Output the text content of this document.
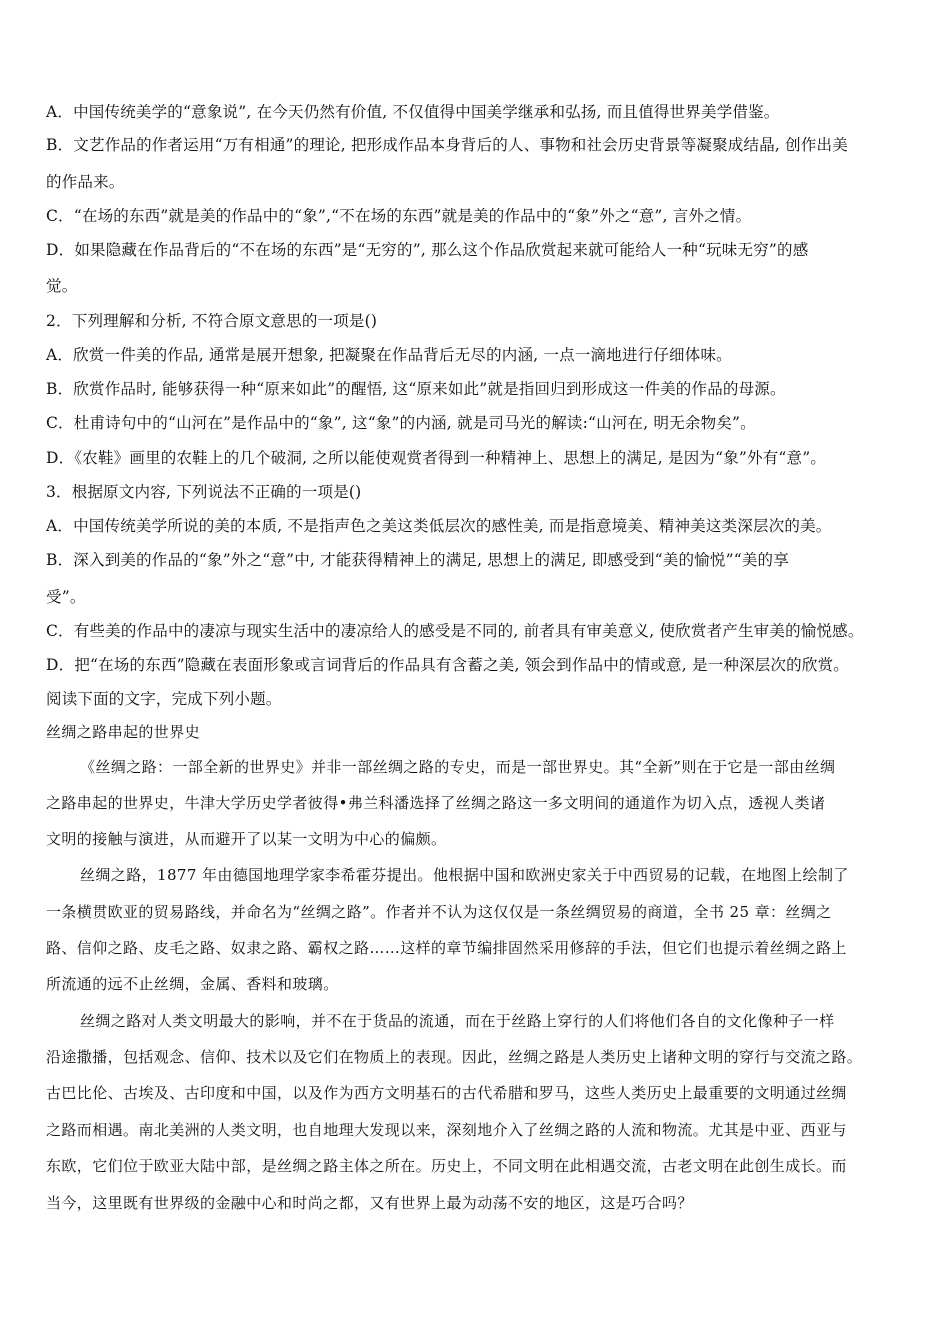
A．中国传统美学的“意象说”, 在今天仍然有价值, 不仅值得中国美学继承和弘扬, 而且值得世界美学借鉴。
B．文艺作品的作者运用“万有相通”的理论, 把形成作品本身背后的人、事物和社会历史背景等凝聚成结晶, 创作出美
的作品来。
C．“在场的东西”就是美的作品中的“象”,“不在场的东西”就是美的作品中的“象”外之“意”, 言外之情。
D．如果隐藏在作品背后的“不在场的东西”是“无穷的”, 那么这个作品欣赏起来就可能给人一种“玩味无穷”的感
觉。
2．下列理解和分析, 不符合原文意思的一项是()
A．欣赏一件美的作品, 通常是展开想象, 把凝聚在作品背后无尽的内涵, 一点一滴地进行仔细体味。
B．欣赏作品时, 能够获得一种“原来如此”的醒悟, 这“原来如此”就是指回归到形成这一件美的作品的母源。
C．杜甫诗句中的“山河在”是作品中的“象”, 这“象”的内涵, 就是司马光的解读:“山河在, 明无余物矣”。
D．《农鞋》画里的农鞋上的几个破洞, 之所以能使观赏者得到一种精神上、思想上的满足, 是因为“象”外有“意”。
3．根据原文内容, 下列说法不正确的一项是()
A．中国传统美学所说的美的本质, 不是指声色之美这类低层次的感性美, 而是指意境美、精神美这类深层次的美。
B．深入到美的作品的“象”外之“意”中, 才能获得精神上的满足, 思想上的满足, 即感受到“美的愉悦”“美的享
受”。
C．有些美的作品中的凄凉与现实生活中的凄凉给人的感受是不同的, 前者具有审美意义, 使欣赏者产生审美的愉悦感。
D．把“在场的东西”隐藏在表面形象或言词背后的作品具有含蓄之美, 领会到作品中的情或意, 是一种深层次的欣赏。
阅读下面的文字，完成下列小题。
丝绸之路串起的世界史
《丝绸之路：一部全新的世界史》并非一部丝绸之路的专史，而是一部世界史。其“全新”则在于它是一部由丝绸
之路串起的世界史，牛津大学历史学者彼得•弗兰科潘选择了丝绸之路这一多文明间的通道作为切入点，透视人类诸
文明的接触与演进，从而避开了以某一文明为中心的偏颇。
丝绸之路，1877 年由德国地理学家李希霍芬提出。他根据中国和欧洲史家关于中西贸易的记载，在地图上绘制了
一条横贯欧亚的贸易路线，并命名为“丝绸之路”。作者并不认为这仅仅是一条丝绸贸易的商道，全书 25 章：丝绸之
路、信仰之路、皮毛之路、奴隶之路、霸权之路……这样的章节编排固然采用修辞的手法，但它们也提示着丝绸之路上
所流通的远不止丝绸，金属、香料和玻璃。
丝绸之路对人类文明最大的影响，并不在于货品的流通，而在于丝路上穿行的人们将他们各自的文化像种子一样
沿途撒播，包括观念、信仰、技术以及它们在物质上的表现。因此，丝绸之路是人类历史上诸种文明的穿行与交流之路。
古巴比伦、古埃及、古印度和中国，以及作为西方文明基石的古代希腊和罗马，这些人类历史上最重要的文明通过丝绸
之路而相遇。南北美洲的人类文明，也自地理大发现以来，深刻地介入了丝绸之路的人流和物流。尤其是中亚、西亚与
东欧，它们位于欧亚大陆中部，是丝绸之路主体之所在。历史上，不同文明在此相遇交流，古老文明在此创生成长。而
当今，这里既有世界级的金融中心和时尚之都，又有世界上最为动荡不安的地区，这是巧合吗？
